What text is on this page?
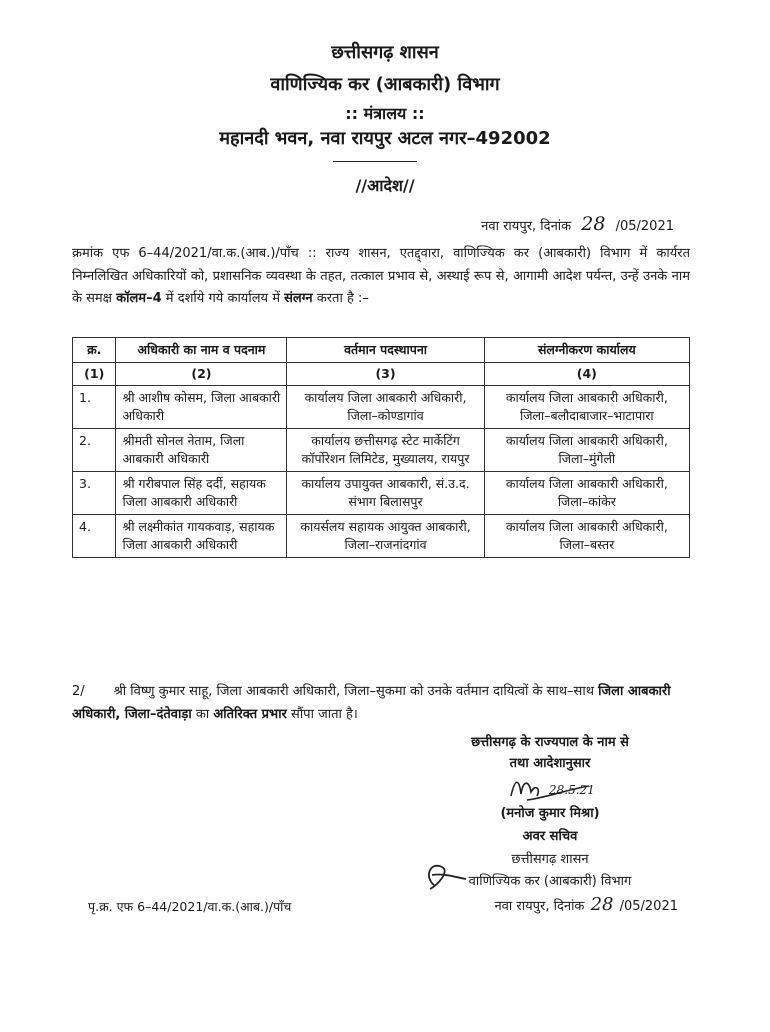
छत्तीसगढ़ शासन
वाणिज्यिक कर (आबकारी) विभाग
:: मंत्रालय ::
महानदी भवन, नवा रायपुर अटल नगर–492002
//आदेश//
नवा रायपुर, दिनांक 28 /05/2021
क्रमांक एफ 6–44/2021/वा.क.(आब.)/पाँच :: राज्य शासन, एतद्द्वारा, वाणिज्यिक कर (आबकारी) विभाग में कार्यरत निम्नलिखित अधिकारियों को, प्रशासनिक व्यवस्था के तहत, तत्काल प्रभाव से, अस्थाई रूप से, आगामी आदेश पर्यन्त, उन्हें उनके नाम के समक्ष कॉलम–4 में दर्शाये गये कार्यालय में संलग्न करता है :–
क्र.	अधिकारी का नाम व पदनाम	वर्तमान पदस्थापना	संलग्नीकरण कार्यालय
(1)	(2)	(3)	(4)
1.	श्री आशीष कोसम, जिला आबकारी अधिकारी	कार्यालय जिला आबकारी अधिकारी, जिला–कोण्डागांव	कार्यालय जिला आबकारी अधिकारी, जिला–बलौदाबाजार–भाटापारा
2.	श्रीमती सोनल नेताम, जिला आबकारी अधिकारी	कार्यालय छत्तीसगढ़ स्टेट मार्केटिंग कॉर्पोरेशन लिमिटेड, मुख्यालय, रायपुर	कार्यालय जिला आबकारी अधिकारी, जिला–मुंगेली
3.	श्री गरीबपाल सिंह दर्दी, सहायक जिला आबकारी अधिकारी	कार्यालय उपायुक्त आबकारी, सं.उ.द. संभाग बिलासपुर	कार्यालय जिला आबकारी अधिकारी, जिला–कांकेर
4.	श्री लक्ष्मीकांत गायकवाड़, सहायक जिला आबकारी अधिकारी	कायर्सलय सहायक आयुक्त आबकारी, जिला–राजनांदगांव	कार्यालय जिला आबकारी अधिकारी, जिला–बस्तर
2/ श्री विष्णु कुमार साहू, जिला आबकारी अधिकारी, जिला–सुकमा को उनके वर्तमान दायित्वों के साथ–साथ जिला आबकारी अधिकारी, जिला–दंतेवाड़ा का अतिरिक्त प्रभार सौंपा जाता है।
छत्तीसगढ़ के राज्यपाल के नाम से
तथा आदेशानुसार
28.5.21
(मनोज कुमार मिश्रा)
अवर सचिव
छत्तीसगढ़ शासन
वाणिज्यिक कर (आबकारी) विभाग
पृ.क्र. एफ 6–44/2021/वा.क.(आब.)/पाँच	नवा रायपुर, दिनांक 28 /05/2021
